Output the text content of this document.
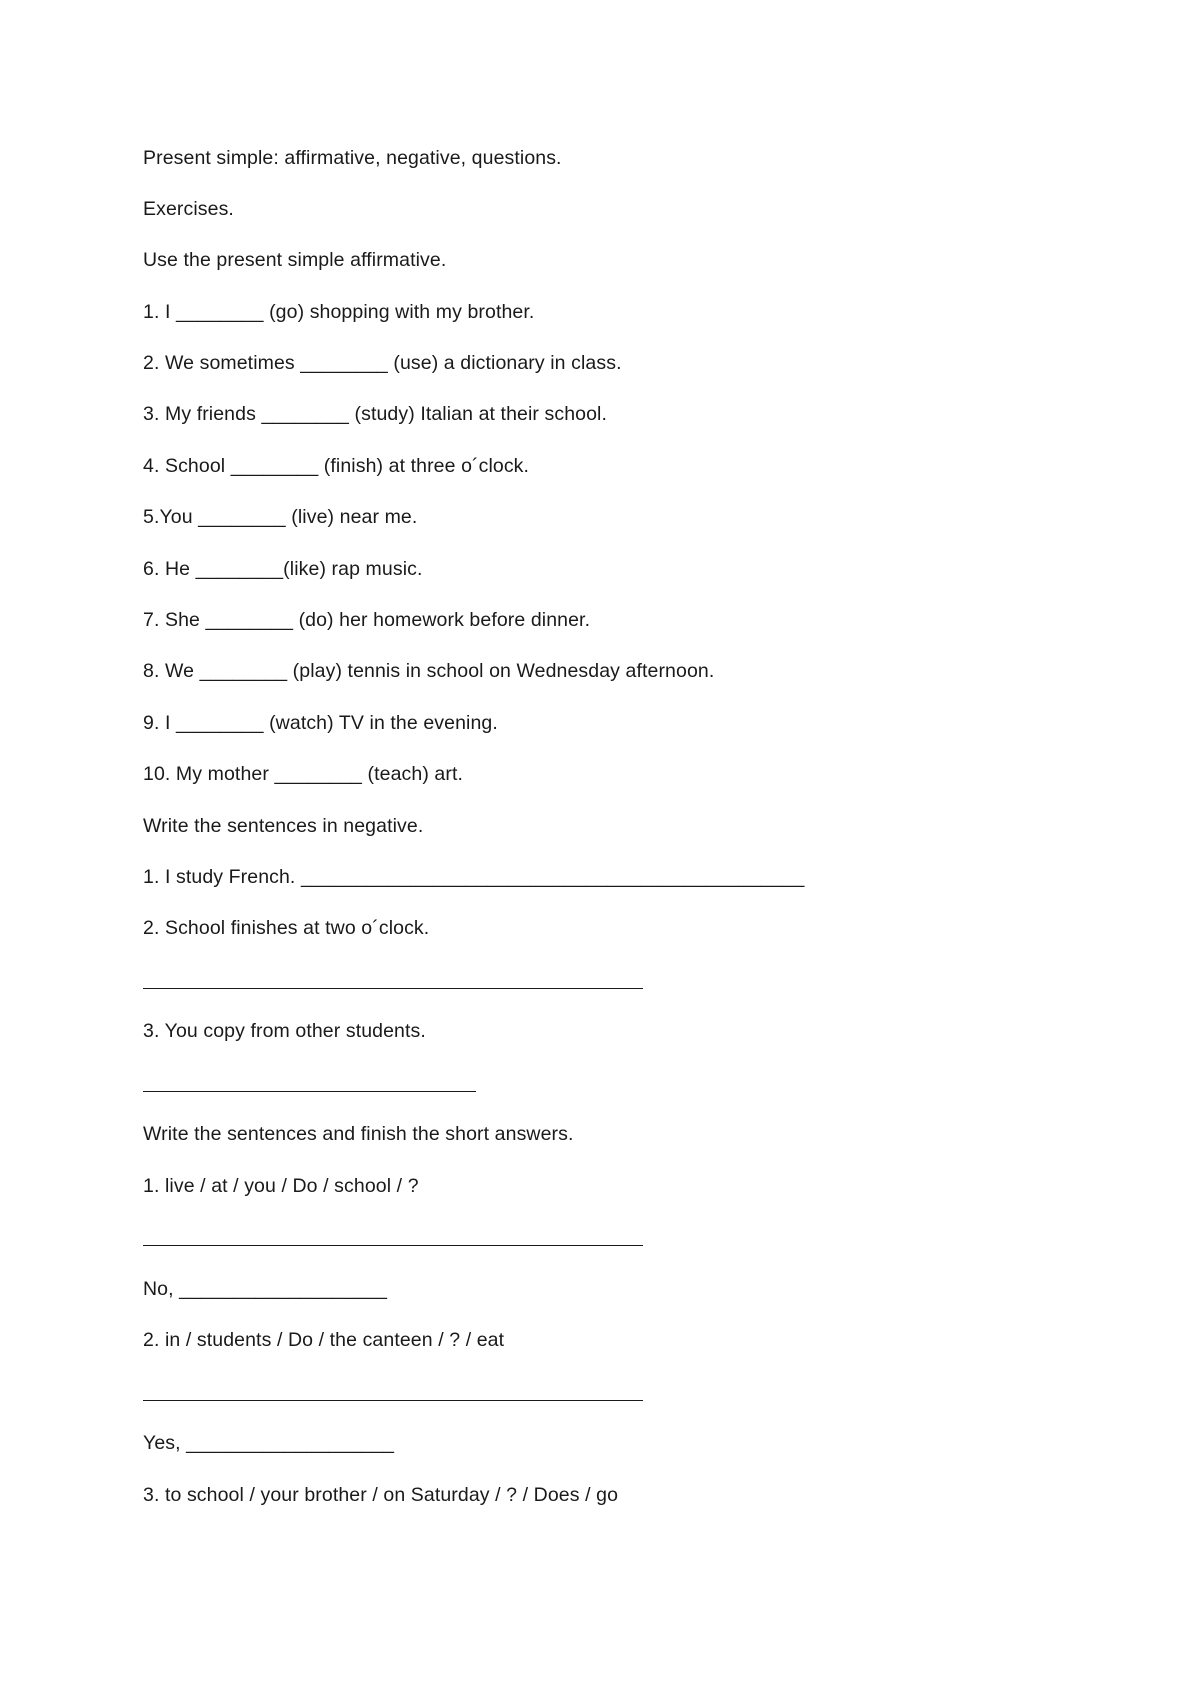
Present simple: affirmative, negative, questions.
Exercises.
Use the present simple affirmative.
1. I ________ (go) shopping with my brother.
2. We sometimes ________ (use) a dictionary in class.
3. My friends ________ (study) Italian at their school.
4. School ________ (finish) at three o´clock.
5.You ________ (live) near me.
6. He ________(like) rap music.
7. She ________ (do) her homework before dinner.
8. We ________ (play) tennis in school on Wednesday afternoon.
9. I ________ (watch) TV in the evening.
10. My mother ________ (teach) art.
Write the sentences in negative.
1. I study French. ______________________________________________
2. School finishes at two o´clock.
3. You copy from other students.
Write the sentences and finish the short answers.
1. live / at / you / Do / school / ?
No, ___________________
2. in / students / Do / the canteen / ? / eat
Yes, ___________________
3. to school / your brother / on Saturday / ? / Does / go
